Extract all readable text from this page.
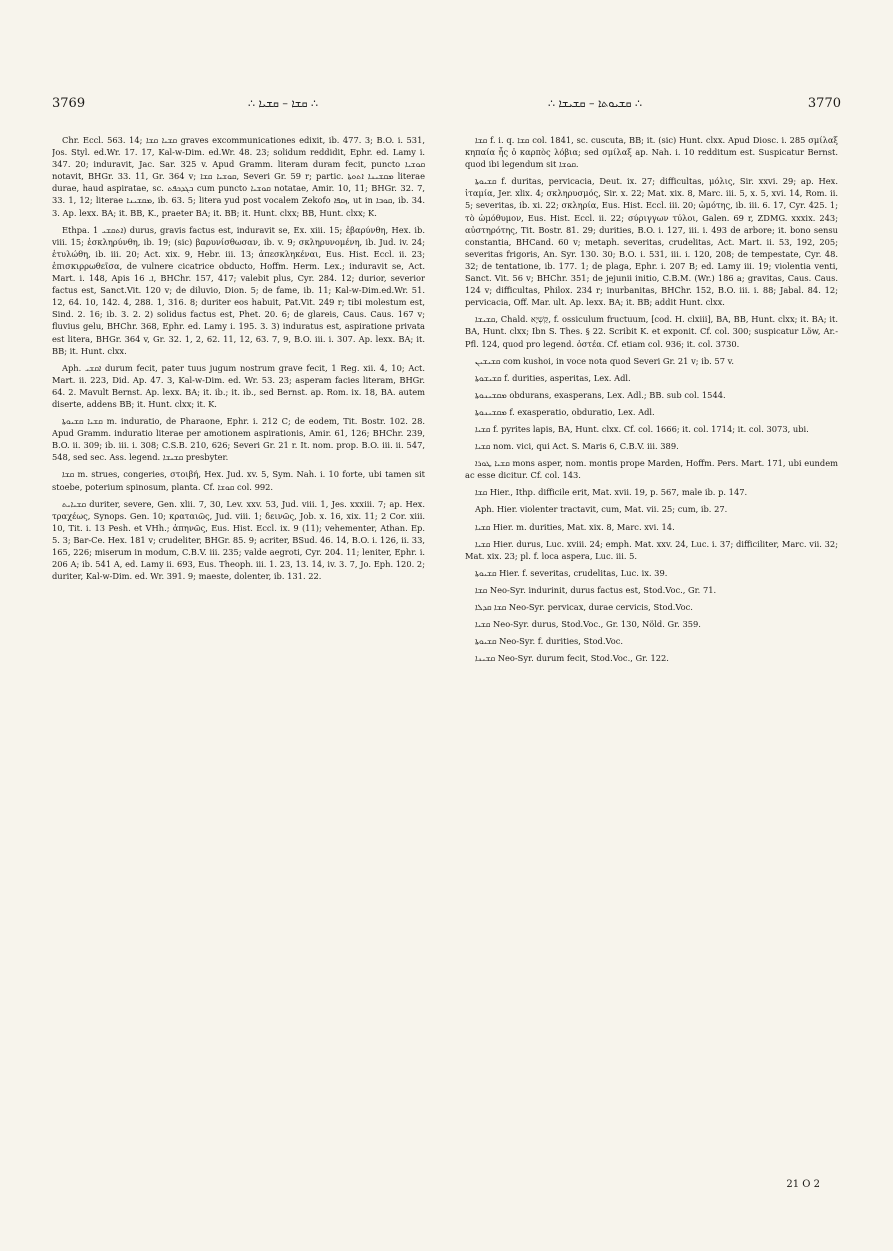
3769	∴ ܩܫܐ – ܩܫܝܐ ∴	∴ ܩܫܝܘܬܐ – ܩܫܝܫܐ ∴	3770

Chr. Eccl. 563. 14; ܩܫܝܐ ܩܫܐ graves excommunicationes edixit, ib. 477. 3; B.O. i. 531, Jos. Styl. ed.Wr. 17. 17, Kal-w-Dim. ed.Wr. 48. 23; solidum reddidit, Ephr. ed. Lamy i. 347. 20; induravit, Jac. Sar. 325 v. Apud Gramm. literam duram fecit, puncto ܩܘܫܝܐ notavit, BHGr. 33. 11, Gr. 364 v; ܩܘܫܝܐ ܩܫܐ, Severi Gr. 59 r; partic. ܡܩܫܝܢܐ ܐܬܘܬܐ literae durae, haud aspiratae, sc. ܒܓܕܟܦܬ cum puncto ܩܘܫܝܐ notatae, Amir. 10, 11; BHGr. 32. 7, 33. 1, 12; literae ܡܩܫܝܢܐ, ib. 63. 5; litera yud post vocalem Zekofo ܙܩܦܐ, ut in ܩܘܒܐ, ib. 34. 3. Ap. lexx. BA; it. BB, K., praeter BA; it. BB; it. Hunt. clxx; BB, Hunt. clxx; K.

Ethpa. ܐܬܩܫܝ 1) durus, gravis factus est, induravit se, Ex. xiii. 15; ἐβαρύνθη, Hex. ib. viii. 15; ἐσκληρύνθη, ib. 19; (sic) βαρυνίσθωσαν, ib. v. 9; σκληρυνομένη, ib. Jud. iv. 24; ἐτυλώθη, ib. iii. 20; Act. xix. 9, Hebr. iii. 13; ἀπεσκληκέναι, Eus. Hist. Eccl. ii. 23; ἐπισκιρρωθεῖσα, de vulnere cicatrice obducto, Hoffm. Herm. Lex.; induravit se, Act. Mart. i. 148, Apis ܐ. 16, BHChr. 157, 417; valebit plus, Cyr. 284. 12; durior, severior factus est, Sanct.Vit. 120 v; de diluvio, Dion. 5; de fame, ib. 11; Kal-w-Dim.ed.Wr. 51. 12, 64. 10, 142. 4, 288. 1, 316. 8; duriter eos habuit, Pat.Vit. 249 r; tibi molestum est, Sind. 2. 16; ib. 3. 2. 2) solidus factus est, Phet. 20. 6; de glareis, Caus. Caus. 167 v; fluvius gelu, BHChr. 368, Ephr. ed. Lamy i. 195. 3. 3) induratus est, aspiratione privata est litera, BHGr. 364 v, Gr. 32. 1, 2, 62. 11, 12, 63. 7, 9, B.O. iii. i. 307. Ap. lexx. BA; it. BB; it. Hunt. clxx.

Aph. ܐܩܫܝ durum fecit, pater tuus jugum nostrum grave fecit, 1 Reg. xii. 4, 10; Act. Mart. ii. 223, Did. Ap. 47. 3, Kal-w-Dim. ed. Wr. 53. 23; asperam facies literam, BHGr. 64. 2. Mavult Bernst. Ap. lexx. BA; it. ib.; it. ib., sed Bernst. ap. Rom. ix. 18, BA. autem diserte, addens BB; it. Hunt. clxx; it. K.

ܩܫܝܐ ܩܫܝܘܬܐ m. induratio, de Pharaone, Ephr. i. 212 C; de eodem, Tit. Bostr. 102. 28. Apud Gramm. induratio literae per amotionem aspirationis, Amir. 61, 126; BHChr. 239, B.O. ii. 309; ib. iii. i. 308; C.S.B. 210, 626; Severi Gr. 21 r. It. nom. prop. B.O. iii. ii. 547, 548, sed sec. Ass. legend. ܩܫܝܫܐ presbyter.

ܩܫܐ m. strues, congeries, στοιβή, Hex. Jud. xv. 5, Sym. Nah. i. 10 forte, ubi tamen sit stoebe, poterium spinosum, planta. Cf. ܩܘܫܐ col. 992.

ܩܫܝܐܝܬ duriter, severe, Gen. xlii. 7, 30, Lev. xxv. 53, Jud. viii. 1, Jes. xxxiii. 7; ap. Hex. τραχέως, Synops. Gen. 10; κραταιῶς, Jud. viii. 1; δεινῶς, Job. x. 16, xix. 11; 2 Cor. xiii. 10, Tit. i. 13 Pesh. et VHh.; ἀπηνῶς, Eus. Hist. Eccl. ix. 9 (11); vehementer, Athan. Ep. 5. 3; Bar-Ce. Hex. 181 v; crudeliter, BHGr. 85. 9; acriter, BSud. 46. 14, B.O. i. 126, ii. 33, 165, 226; miserum in modum, C.B.V. iii. 235; valde aegroti, Cyr. 204. 11; leniter, Ephr. i. 206 A; ib. 541 A, ed. Lamy ii. 693, Eus. Theoph. iii. 1. 23, 13. 14, iv. 3. 7, Jo. Eph. 120. 2; duriter, Kal-w-Dim. ed. Wr. 391. 9; maeste, dolenter, ib. 131. 22.

ܩܫܐ f. i. q. ܩܫܐ col. 1841, sc. cuscuta, BB; it. (sic) Hunt. clxx. Apud Diosc. i. 285 σμίλαξ κηπαία ἧς ὁ καρπὸς λόβια; sed σμίλαξ ap. Nah. i. 10 redditum est. Suspicatur Bernst. quod ibi legendum sit ܩܘܫܐ.

ܩܫܝܘܬܐ f. duritas, pervicacia, Deut. ix. 27; difficultas, μόλις, Sir. xxvi. 29; ap. Hex. ἰταμία, Jer. xlix. 4; σκληρυσμός, Sir. x. 22; Mat. xix. 8, Marc. iii. 5, x. 5, xvi. 14, Rom. ii. 5; severitas, ib. xi. 22; σκληρία, Eus. Hist. Eccl. iii. 20; ὠμότης, ib. iii. 6. 17, Cyr. 425. 1; τὸ ὠμόθυμον, Eus. Hist. Eccl. ii. 22; σύριγγων τύλοι, Galen. 69 r, ZDMG. xxxix. 243; αὐστηρότης, Tit. Bostr. 81. 29; durities, B.O. i. 127, iii. i. 493 de arbore; it. bono sensu constantia, BHCand. 60 v; metaph. severitas, crudelitas, Act. Mart. ii. 53, 192, 205; severitas frigoris, An. Syr. 130. 30; B.O. i. 531, iii. i. 120, 208; de tempestate, Cyr. 48. 32; de tentationе, ib. 177. 1; de plaga, Ephr. i. 207 B; ed. Lamy iii. 19; violentia venti, Sanct. Vit. 56 v; BHChr. 351; de jejunii initio, C.B.M. (Wr.) 186 a; gravitas, Caus. Caus. 124 v; difficultas, Philox. 234 r; inurbanitas, BHChr. 152, B.O. iii. i. 88; Jabal. 84. 12; pervicacia, Off. Mar. ult. Ap. lexx. BA; it. BB; addit Hunt. clxx.

ܩܫܝܫܐ, Chald. קַשְׁיָא, f. ossiculum fructuum, [cod. H. clxiii], BA, BB, Hunt. clxx; it. BA; it. BA, Hunt. clxx; Ibn S. Thes. § 22. Scribit K. et exponit. Cf. col. 300; suspicatur Löw, Ar.-Pfl. 124, quod pro legend. ὀστέα. Cf. etiam col. 936; it. col. 3730.

ܩܫܝܫܝܢ com kushoi, in voce nota quod Severi Gr. 21 v; ib. 57 v.

ܩܫܝܫܘܬܐ f. durities, asperitas, Lex. Adl.

ܡܩܫܝܢܘܬܐ obdurans, exasperans, Lex. Adl.; BB. sub col. 1544.

ܡܩܫܝܢܘܬܐ f. exasperatio, obduratio, Lex. Adl.

ܩܫܝܐ f. pyrites lapis, BA, Hunt. clxx. Cf. col. 1666; it. col. 1714; it. col. 3073, ubi.

ܩܫܝܐ nom. vici, qui Act. S. Maris 6, C.B.V. iii. 389.

ܩܫܝܐ ܛܘܪܐ mons asper, nom. montis prope Marden, Hoffm. Pers. Mart. 171, ubi eundem ac esse dicitur. Cf. col. 143.

ܩܫܐ Hier., Ithp. difficile erit, Mat. xvii. 19, p. 567, male ib. p. 147.

Aph. Hier. violenter tractavit, cum, Mat. vii. 25; cum, ib. 27.

ܩܫܝܐ Hier. m. durities, Mat. xix. 8, Marc. xvi. 14.

ܩܫܝܐ Hier. durus, Luc. xviii. 24; emph. Mat. xxv. 24, Luc. i. 37; difficiliter, Marc. vii. 32; Mat. xix. 23; pl. f. loca aspera, Luc. iii. 5.

ܩܫܝܘܬܐ Hier. f. severitas, crudelitas, Luc. ix. 39.

ܩܫܐ Neo-Syr. indurinit, durus factus est, Stod.Voc., Gr. 71.

ܩܫܐ ܩܕܠܐ Neo-Syr. pervicax, durae cervicis, Stod.Voc.

ܩܫܝܐ Neo-Syr. durus, Stod.Voc., Gr. 130, Nöld. Gr. 359.

ܩܫܝܘܬܐ Neo-Syr. f. durities, Stod.Voc.

ܩܫܝܢܐ Neo-Syr. durum fecit, Stod.Voc., Gr. 122.

21 O 2
